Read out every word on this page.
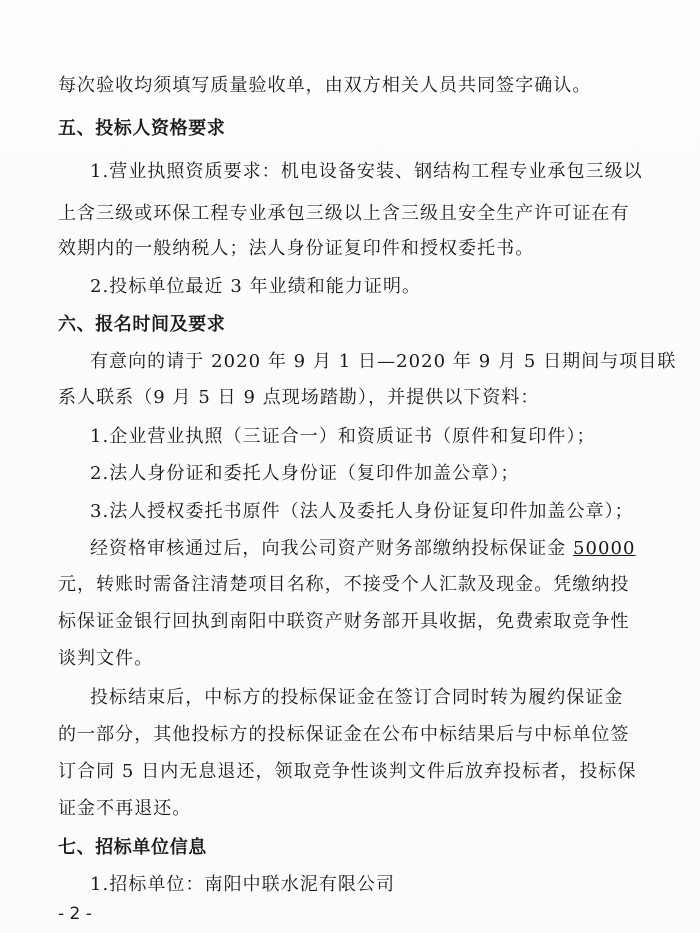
每次验收均须填写质量验收单，由双方相关人员共同签字确认。
五、投标人资格要求
1.营业执照资质要求：机电设备安装、钢结构工程专业承包三级以
上含三级或环保工程专业承包三级以上含三级且安全生产许可证在有
效期内的一般纳税人；法人身份证复印件和授权委托书。
2.投标单位最近 3 年业绩和能力证明。
六、报名时间及要求
有意向的请于 2020 年 9 月 1 日—2020 年 9 月 5 日期间与项目联
系人联系（9 月 5 日 9 点现场踏勘），并提供以下资料：
1.企业营业执照（三证合一）和资质证书（原件和复印件）；
2.法人身份证和委托人身份证（复印件加盖公章）；
3.法人授权委托书原件（法人及委托人身份证复印件加盖公章）；
经资格审核通过后，向我公司资产财务部缴纳投标保证金 50000
元，转账时需备注清楚项目名称，不接受个人汇款及现金。凭缴纳投
标保证金银行回执到南阳中联资产财务部开具收据，免费索取竞争性
谈判文件。
投标结束后，中标方的投标保证金在签订合同时转为履约保证金
的一部分，其他投标方的投标保证金在公布中标结果后与中标单位签
订合同 5 日内无息退还，领取竞争性谈判文件后放弃投标者，投标保
证金不再退还。
七、招标单位信息
1.招标单位：南阳中联水泥有限公司
- 2 -
